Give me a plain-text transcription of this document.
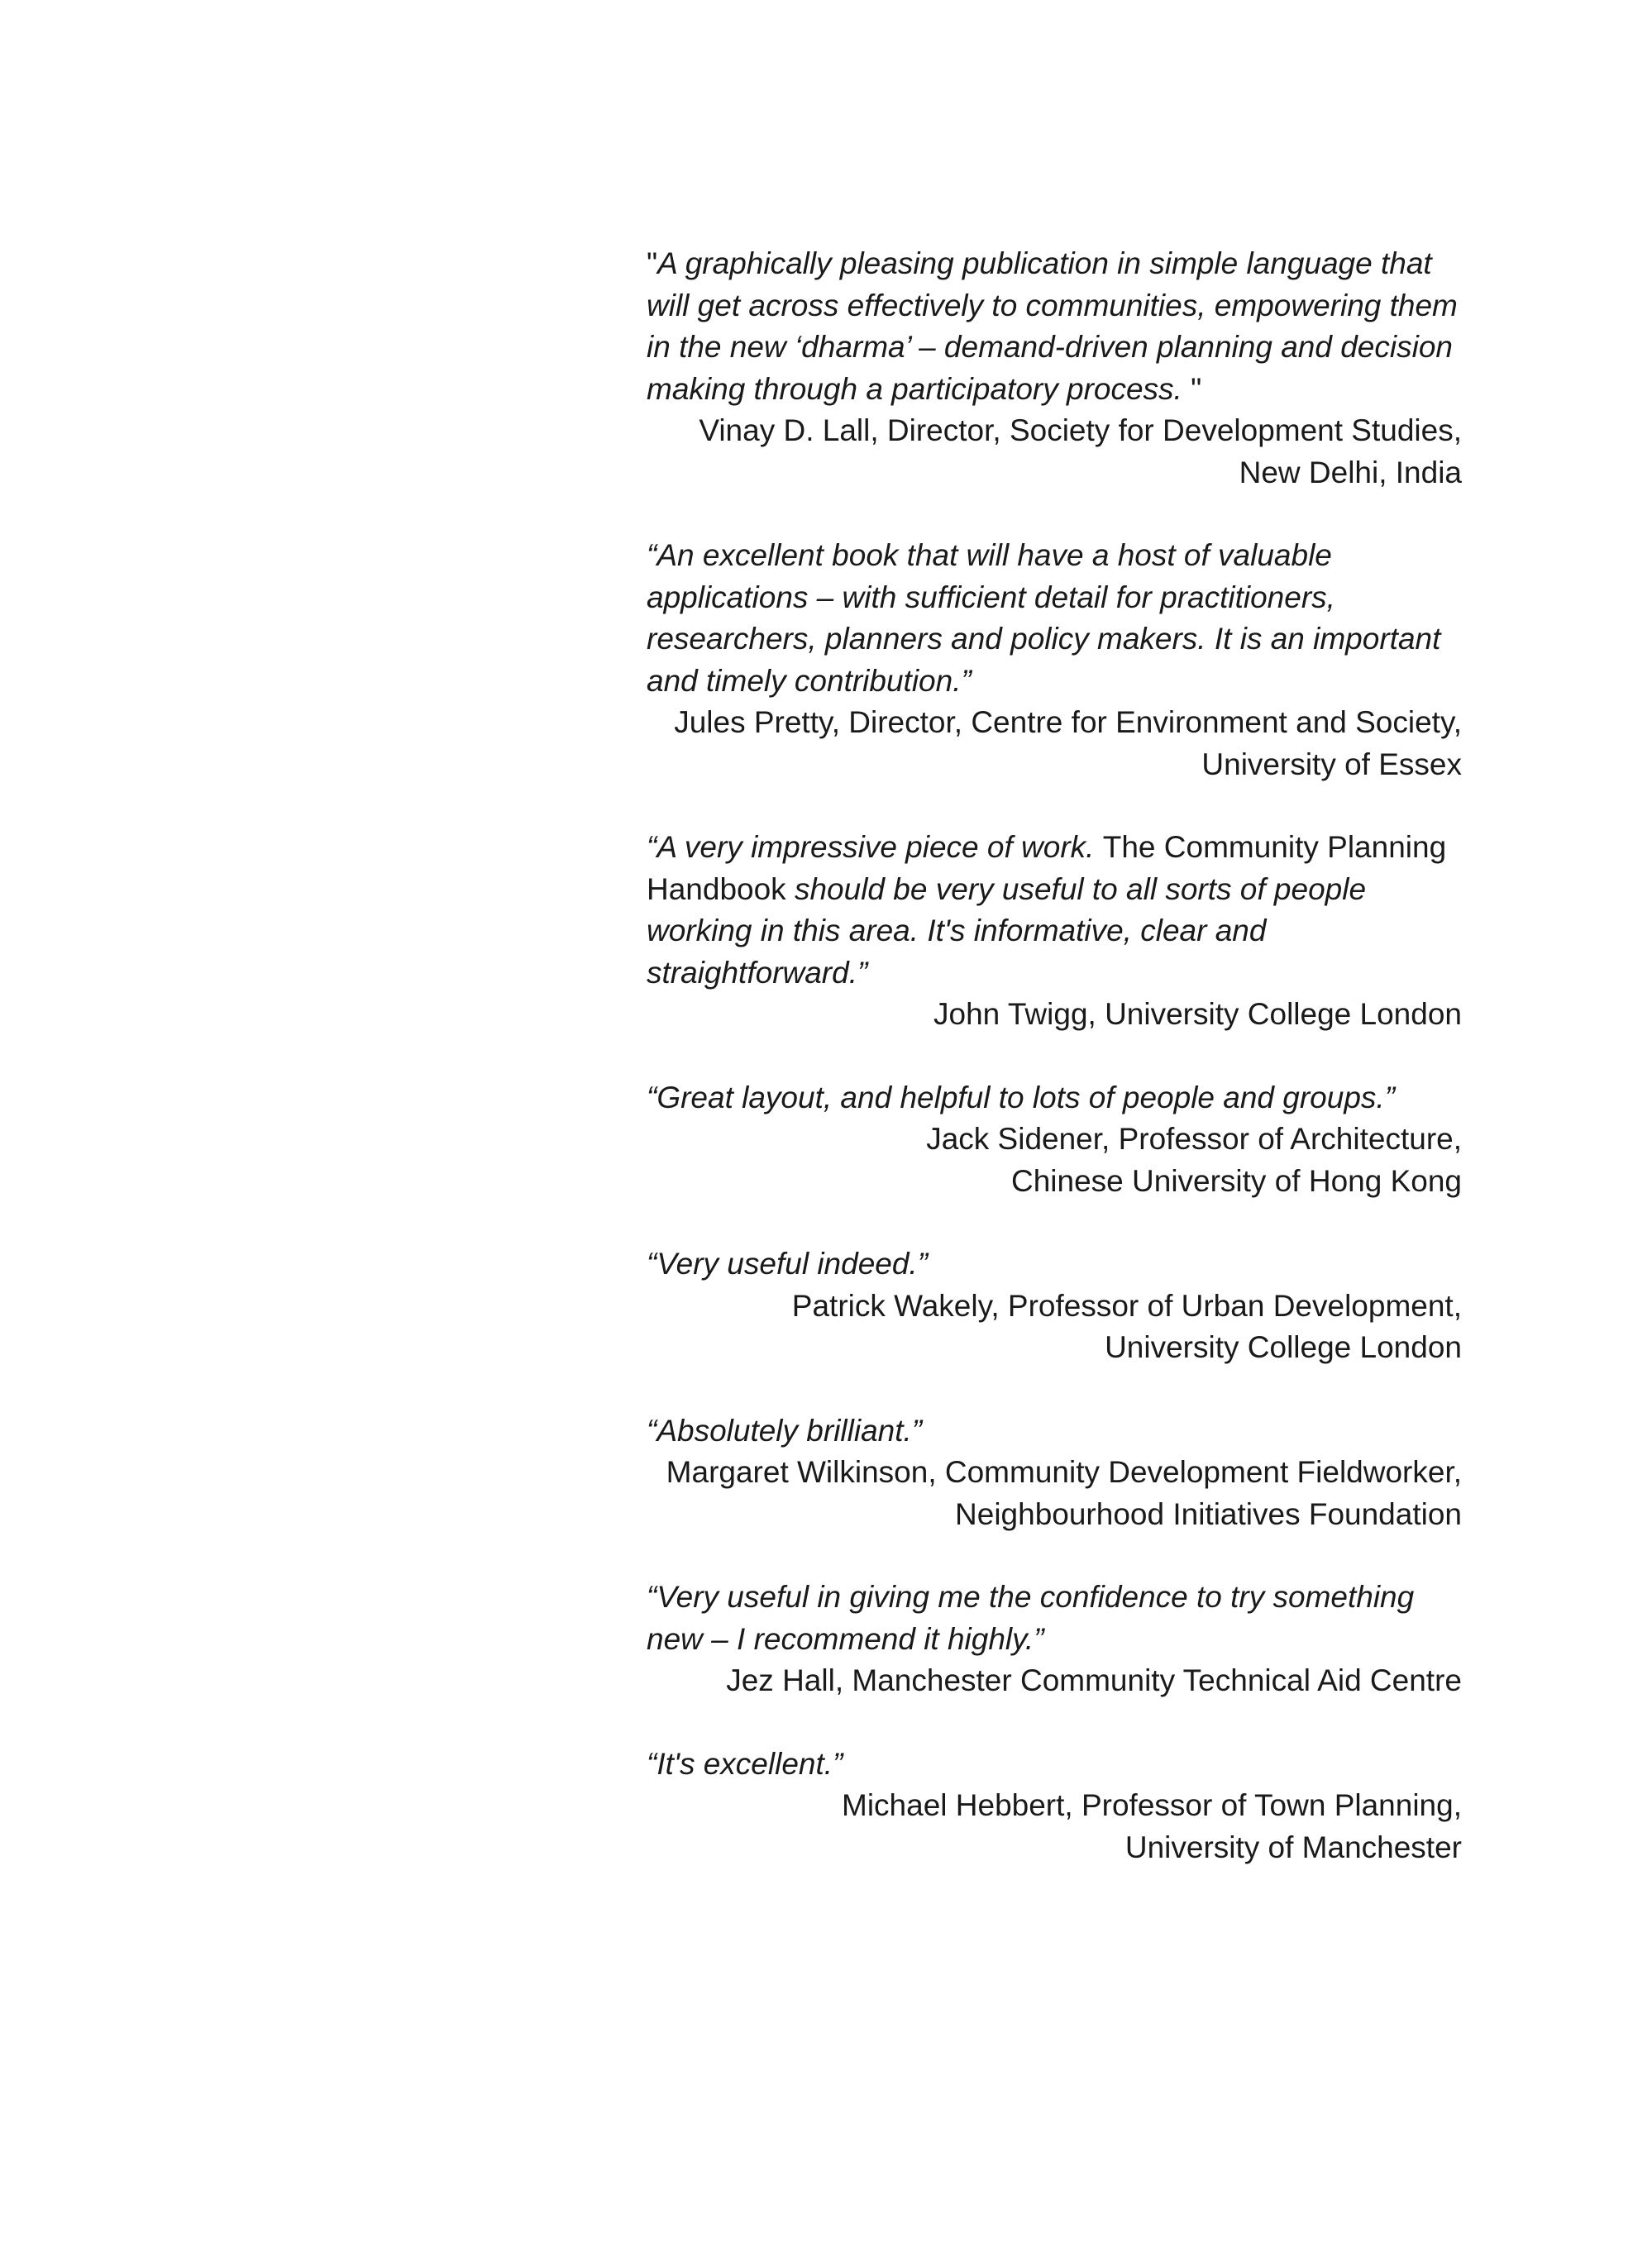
"A graphically pleasing publication in simple language that will get across effectively to communities, empowering them in the new ‘dharma’ – demand-driven planning and decision making through a participatory process. "

Vinay D. Lall, Director, Society for Development Studies,
New Delhi, India

“An excellent book that will have a host of valuable applications – with sufficient detail for practitioners, researchers, planners and policy makers. It is an important and timely contribution.”

Jules Pretty, Director, Centre for Environment and Society,
University of Essex

“A very impressive piece of work. The Community Planning Handbook should be very useful to all sorts of people working in this area. It's informative, clear and straightforward.”

John Twigg, University College London

“Great layout, and helpful to lots of people and groups.”

Jack Sidener, Professor of Architecture,
Chinese University of Hong Kong

“Very useful indeed.”

Patrick Wakely, Professor of Urban Development,
University College London

“Absolutely brilliant.”

Margaret Wilkinson, Community Development Fieldworker,
Neighbourhood Initiatives Foundation

“Very useful in giving me the confidence to try something new – I recommend it highly.”

Jez Hall, Manchester Community Technical Aid Centre

“It's excellent.”

Michael Hebbert, Professor of Town Planning,
University of Manchester
